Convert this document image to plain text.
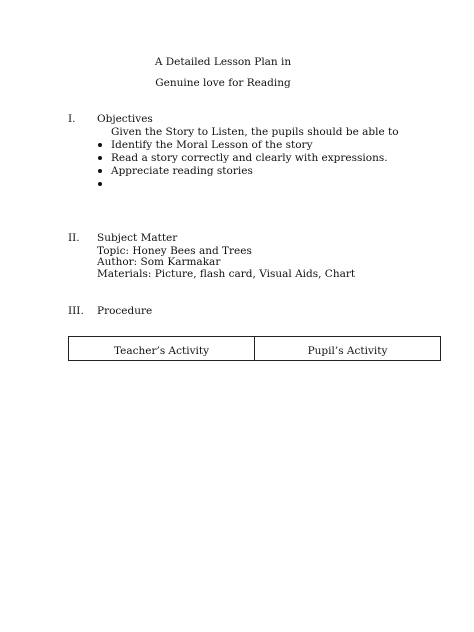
A Detailed Lesson Plan in
Genuine love for Reading
I. Objectives
Given the Story to Listen, the pupils should be able to
Identify the Moral Lesson of the story
Read a story correctly and clearly with expressions.
Appreciate reading stories
II. Subject Matter
Topic: Honey Bees and Trees
Author: Som Karmakar
Materials: Picture, flash card, Visual Aids, Chart
III. Procedure
Teacher’s Activity	Pupil’s Activity
